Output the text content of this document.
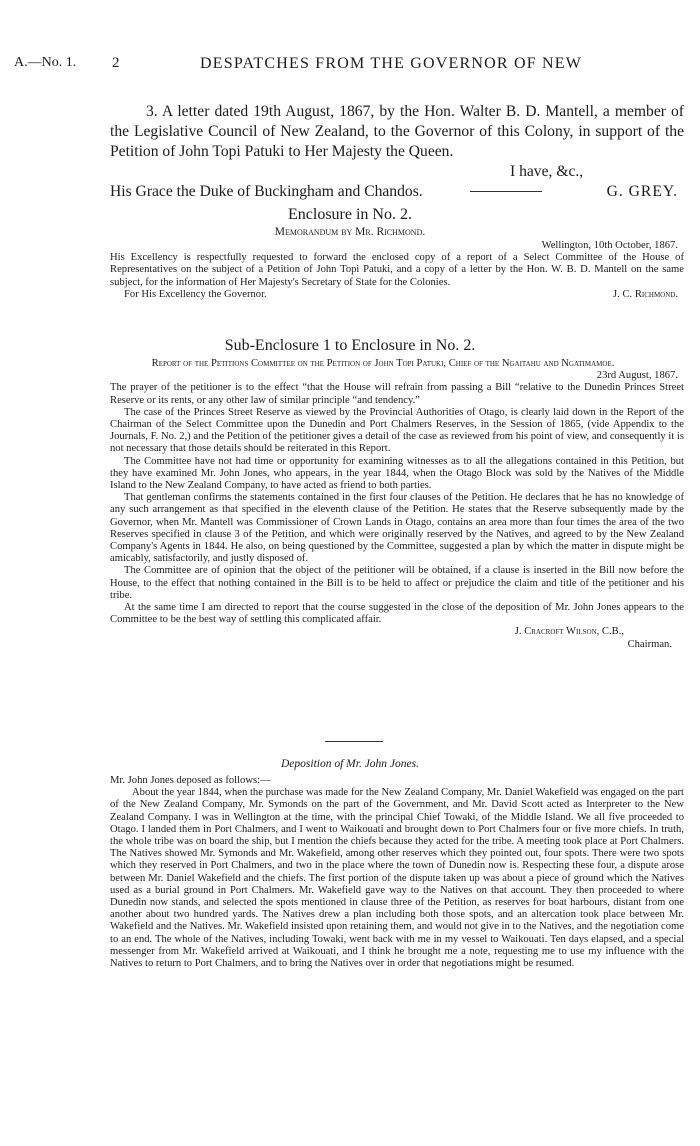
A.—No. 1. 2	DESPATCHES FROM THE GOVERNOR OF NEW

3. A letter dated 19th August, 1867, by the Hon. Walter B. D. Mantell, a member of the Legislative Council of New Zealand, to the Governor of this Colony, in support of the Petition of John Topi Patuki to Her Majesty the Queen.

I have, &c.,
His Grace the Duke of Buckingham and Chandos.	G. GREY.
Enclosure in No. 2.
Memorandum by Mr. Richmond.
Wellington, 10th October, 1867.

His Excellency is respectfully requested to forward the enclosed copy of a report of a Select Committee of the House of Representatives on the subject of a Petition of John Topi Patuki, and a copy of a letter by the Hon. W. B. D. Mantell on the same subject, for the information of Her Majesty's Secretary of State for the Colonies.

For His Excellency the Governor.	J. C. Richmond.
Sub-Enclosure 1 to Enclosure in No. 2.

Report of the Petitions Committee on the Petition of John Topi Patuki, Chief of the Ngaitahu and Ngatimamoe.

23rd August, 1867.

The prayer of the petitioner is to the effect “that the House will refrain from passing a Bill “relative to the Dunedin Princes Street Reserve or its rents, or any other law of similar principle “and tendency.”

The case of the Princes Street Reserve as viewed by the Provincial Authorities of Otago, is clearly laid down in the Report of the Chairman of the Select Committee upon the Dunedin and Port Chalmers Reserves, in the Session of 1865, (vide Appendix to the Journals, F. No. 2,) and the Petition of the petitioner gives a detail of the case as reviewed from his point of view, and consequently it is not necessary that those details should be reiterated in this Report.

The Committee have not had time or opportunity for examining witnesses as to all the allegations contained in this Petition, but they have examined Mr. John Jones, who appears, in the year 1844, when the Otago Block was sold by the Natives of the Middle Island to the New Zealand Company, to have acted as friend to both parties.

That gentleman confirms the statements contained in the first four clauses of the Petition. He declares that he has no knowledge of any such arrangement as that specified in the eleventh clause of the Petition. He states that the Reserve subsequently made by the Governor, when Mr. Mantell was Commissioner of Crown Lands in Otago, contains an area more than four times the area of the two Reserves specified in clause 3 of the Petition, and which were originally reserved by the Natives, and agreed to by the New Zealand Company's Agents in 1844. He also, on being questioned by the Committee, suggested a plan by which the matter in dispute might be amicably, satisfactorily, and justly disposed of.

The Committee are of opinion that the object of the petitioner will be obtained, if a clause is inserted in the Bill now before the House, to the effect that nothing contained in the Bill is to be held to affect or prejudice the claim and title of the petitioner and his tribe.

At the same time I am directed to report that the course suggested in the close of the deposition of Mr. John Jones appears to the Committee to be the best way of settling this complicated affair.

J. Cracroft Wilson, C.B.,
Chairman.
Deposition of Mr. John Jones.

Mr. John Jones deposed as follows:—

About the year 1844, when the purchase was made for the New Zealand Company, Mr. Daniel Wakefield was engaged on the part of the New Zealand Company, Mr. Symonds on the part of the Government, and Mr. David Scott acted as Interpreter to the New Zealand Company. I was in Wellington at the time, with the principal Chief Towaki, of the Middle Island. We all five proceeded to Otago. I landed them in Port Chalmers, and I went to Waikouati and brought down to Port Chalmers four or five more chiefs. In truth, the whole tribe was on board the ship, but I mention the chiefs because they acted for the tribe. A meeting took place at Port Chalmers. The Natives showed Mr. Symonds and Mr. Wakefield, among other reserves which they pointed out, four spots. There were two spots which they reserved in Port Chalmers, and two in the place where the town of Dunedin now is. Respecting these four, a dispute arose between Mr. Daniel Wakefield and the chiefs. The first portion of the dispute taken up was about a piece of ground which the Natives used as a burial ground in Port Chalmers. Mr. Wakefield gave way to the Natives on that account. They then proceeded to where Dunedin now stands, and selected the spots mentioned in clause three of the Petition, as reserves for boat harbours, distant from one another about two hundred yards. The Natives drew a plan including both those spots, and an altercation took place between Mr. Wakefield and the Natives. Mr. Wakefield insisted upon retaining them, and would not give in to the Natives, and the negotiation come to an end. The whole of the Natives, including Towaki, went back with me in my vessel to Waikouati. Ten days elapsed, and a special messenger from Mr. Wakefield arrived at Waikouati, and I think he brought me a note, requesting me to use my influence with the Natives to return to Port Chalmers, and to bring the Natives over in order that negotiations might be resumed.
